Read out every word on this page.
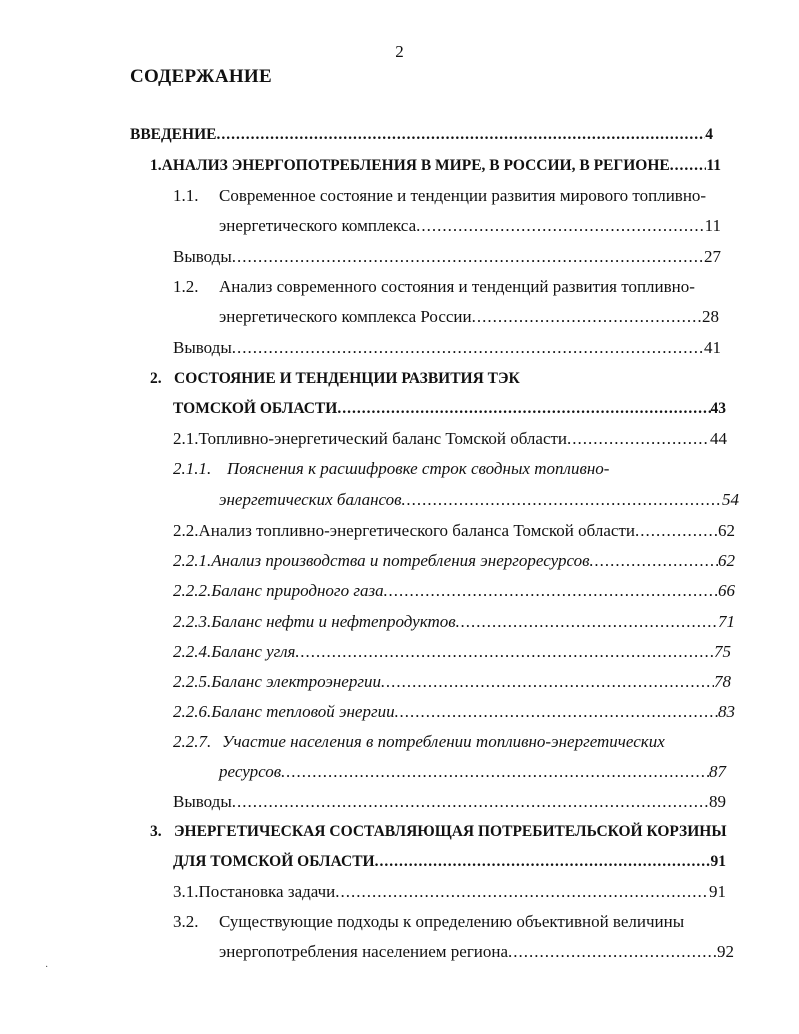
2
СОДЕРЖАНИЕ
ВВЕДЕНИЕ .....	4
1. АНАЛИЗ ЭНЕРГОПОТРЕБЛЕНИЯ В МИРЕ, В РОССИИ, В РЕГИОНЕ ..... 11
1.1.	Современное состояние и тенденции развития мирового топливно-
энергетического комплекса .....	11
Выводы .....	27
1.2.	Анализ современного состояния и тенденций развития топливно-
энергетического комплекса России .....	28
Выводы .....	41
2. СОСТОЯНИЕ И ТЕНДЕНЦИИ РАЗВИТИЯ ТЭК
ТОМСКОЙ ОБЛАСТИ .....	43
2.1. Топливно-энергетический баланс Томской области .....	44
2.1.1. Пояснения к расшифровке строк сводных топливно-
энергетических балансов .....	54
2.2. Анализ топливно-энергетического баланса Томской области .....	62
2.2.1. Анализ производства и потребления энергоресурсов .....	62
2.2.2. Баланс природного газа .....	66
2.2.3. Баланс нефти и нефтепродуктов .....	71
2.2.4. Баланс угля .....	75
2.2.5. Баланс электроэнергии .....	78
2.2.6. Баланс тепловой энергии .....	83
2.2.7. Участие населения в потреблении топливно-энергетических
ресурсов .....	87
Выводы .....	89
3. ЭНЕРГЕТИЧЕСКАЯ СОСТАВЛЯЮЩАЯ ПОТРЕБИТЕЛЬСКОЙ КОРЗИНЫ
ДЛЯ ТОМСКОЙ ОБЛАСТИ .....	91
3.1. Постановка задачи .....	91
3.2.	Существующие подходы к определению объективной величины
энергопотребления населением региона .....	92
·
